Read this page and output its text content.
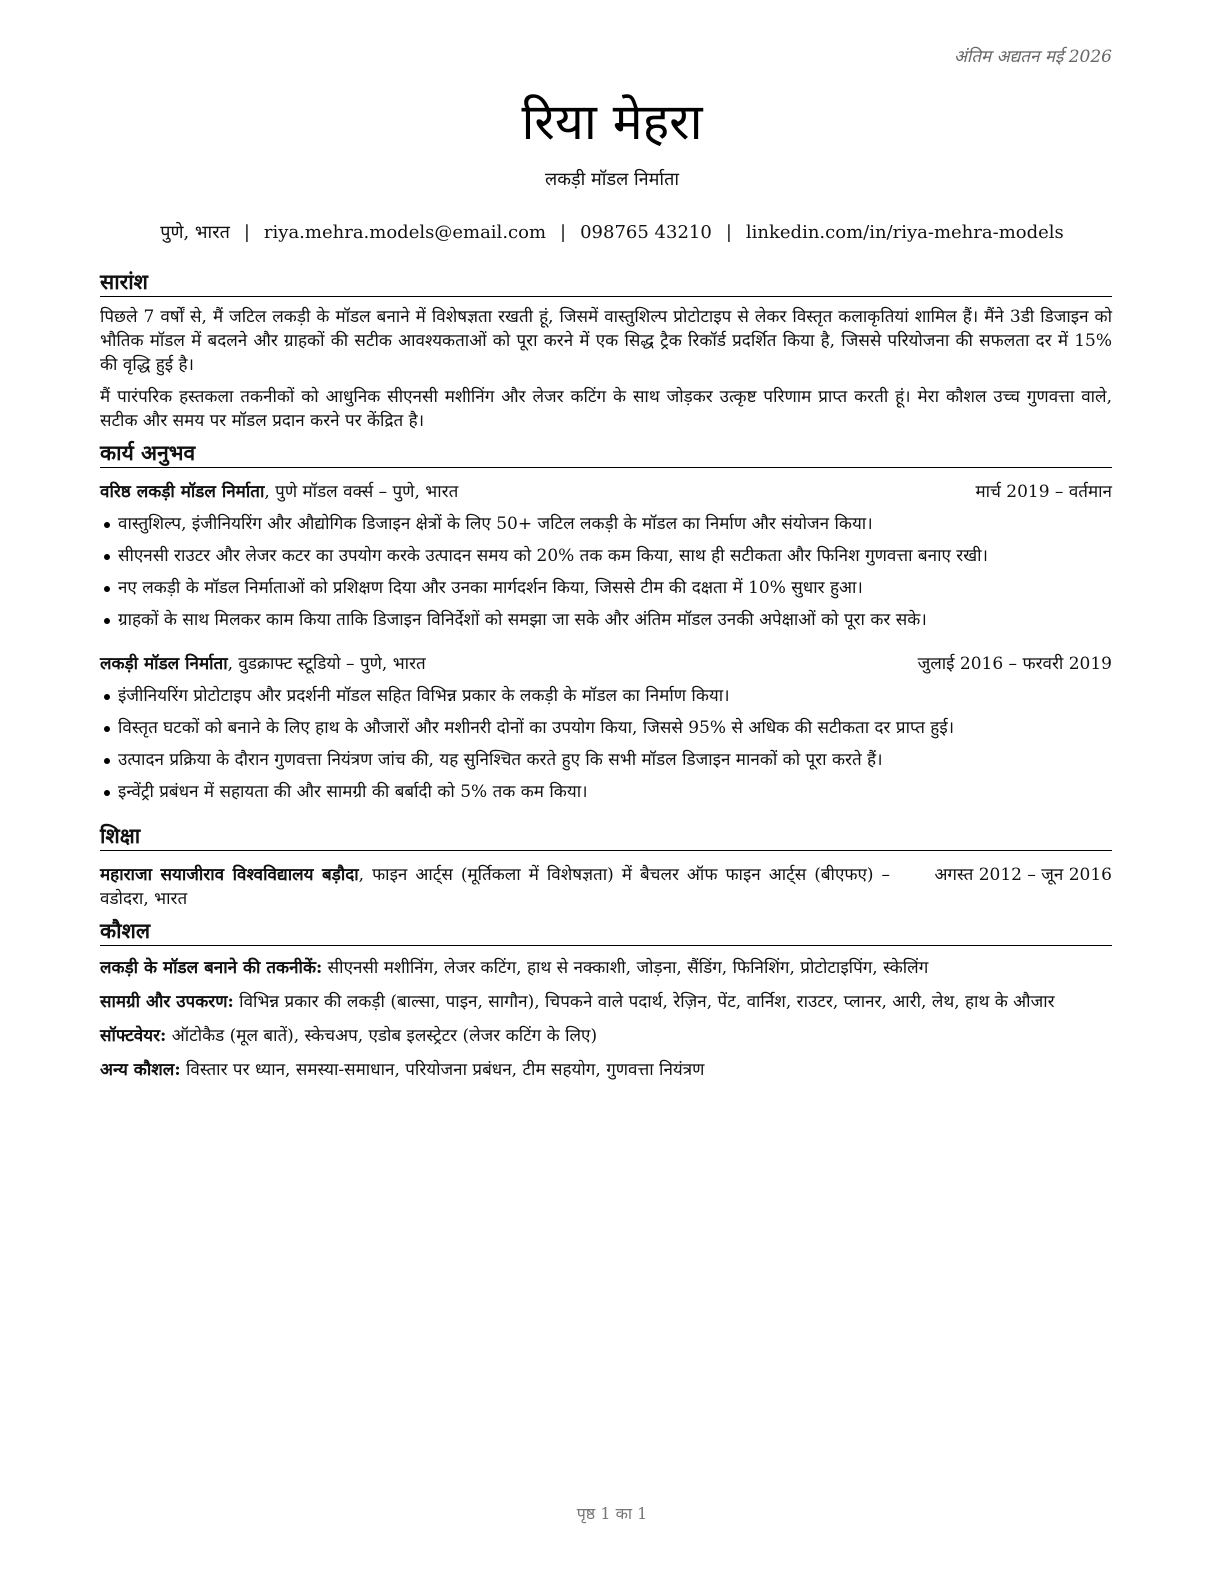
अंतिम अद्यतन मई 2026
रिया मेहरा
लकड़ी मॉडल निर्माता
पुणे, भारत | riya.mehra.models@email.com | 098765 43210 | linkedin.com/in/riya-mehra-models
सारांश

पिछले 7 वर्षों से, मैं जटिल लकड़ी के मॉडल बनाने में विशेषज्ञता रखती हूं, जिसमें वास्तुशिल्प प्रोटोटाइप से लेकर विस्तृत कलाकृतियां शामिल हैं। मैंने 3डी डिजाइन को भौतिक मॉडल में बदलने और ग्राहकों की सटीक आवश्यकताओं को पूरा करने में एक सिद्ध ट्रैक रिकॉर्ड प्रदर्शित किया है, जिससे परियोजना की सफलता दर में 15% की वृद्धि हुई है।

मैं पारंपरिक हस्तकला तकनीकों को आधुनिक सीएनसी मशीनिंग और लेजर कटिंग के साथ जोड़कर उत्कृष्ट परिणाम प्राप्त करती हूं। मेरा कौशल उच्च गुणवत्ता वाले, सटीक और समय पर मॉडल प्रदान करने पर केंद्रित है।

कार्य अनुभव
वरिष्ठ लकड़ी मॉडल निर्माता, पुणे मॉडल वर्क्स – पुणे, भारत	मार्च 2019 – वर्तमान
वास्तुशिल्प, इंजीनियरिंग और औद्योगिक डिजाइन क्षेत्रों के लिए 50+ जटिल लकड़ी के मॉडल का निर्माण और संयोजन किया।
सीएनसी राउटर और लेजर कटर का उपयोग करके उत्पादन समय को 20% तक कम किया, साथ ही सटीकता और फिनिश गुणवत्ता बनाए रखी।
नए लकड़ी के मॉडल निर्माताओं को प्रशिक्षण दिया और उनका मार्गदर्शन किया, जिससे टीम की दक्षता में 10% सुधार हुआ।
ग्राहकों के साथ मिलकर काम किया ताकि डिजाइन विनिर्देशों को समझा जा सके और अंतिम मॉडल उनकी अपेक्षाओं को पूरा कर सके।
लकड़ी मॉडल निर्माता, वुडक्राफ्ट स्टूडियो – पुणे, भारत	जुलाई 2016 – फरवरी 2019
इंजीनियरिंग प्रोटोटाइप और प्रदर्शनी मॉडल सहित विभिन्न प्रकार के लकड़ी के मॉडल का निर्माण किया।
विस्तृत घटकों को बनाने के लिए हाथ के औजारों और मशीनरी दोनों का उपयोग किया, जिससे 95% से अधिक की सटीकता दर प्राप्त हुई।
उत्पादन प्रक्रिया के दौरान गुणवत्ता नियंत्रण जांच की, यह सुनिश्चित करते हुए कि सभी मॉडल डिजाइन मानकों को पूरा करते हैं।
इन्वेंट्री प्रबंधन में सहायता की और सामग्री की बर्बादी को 5% तक कम किया।
शिक्षा
महाराजा सयाजीराव विश्वविद्यालय बड़ौदा, फाइन आर्ट्स (मूर्तिकला में विशेषज्ञता) में बैचलर ऑफ फाइन आर्ट्स (बीएफए) – वडोदरा, भारत
अगस्त 2012 – जून 2016
कौशल
लकड़ी के मॉडल बनाने की तकनीकें: सीएनसी मशीनिंग, लेजर कटिंग, हाथ से नक्काशी, जोड़ना, सैंडिंग, फिनिशिंग, प्रोटोटाइपिंग, स्केलिंग
सामग्री और उपकरण: विभिन्न प्रकार की लकड़ी (बाल्सा, पाइन, सागौन), चिपकने वाले पदार्थ, रेज़िन, पेंट, वार्निश, राउटर, प्लानर, आरी, लेथ, हाथ के औजार
सॉफ्टवेयर: ऑटोकैड (मूल बातें), स्केचअप, एडोब इलस्ट्रेटर (लेजर कटिंग के लिए)
अन्य कौशल: विस्तार पर ध्यान, समस्या-समाधान, परियोजना प्रबंधन, टीम सहयोग, गुणवत्ता नियंत्रण
पृष्ठ 1 का 1
